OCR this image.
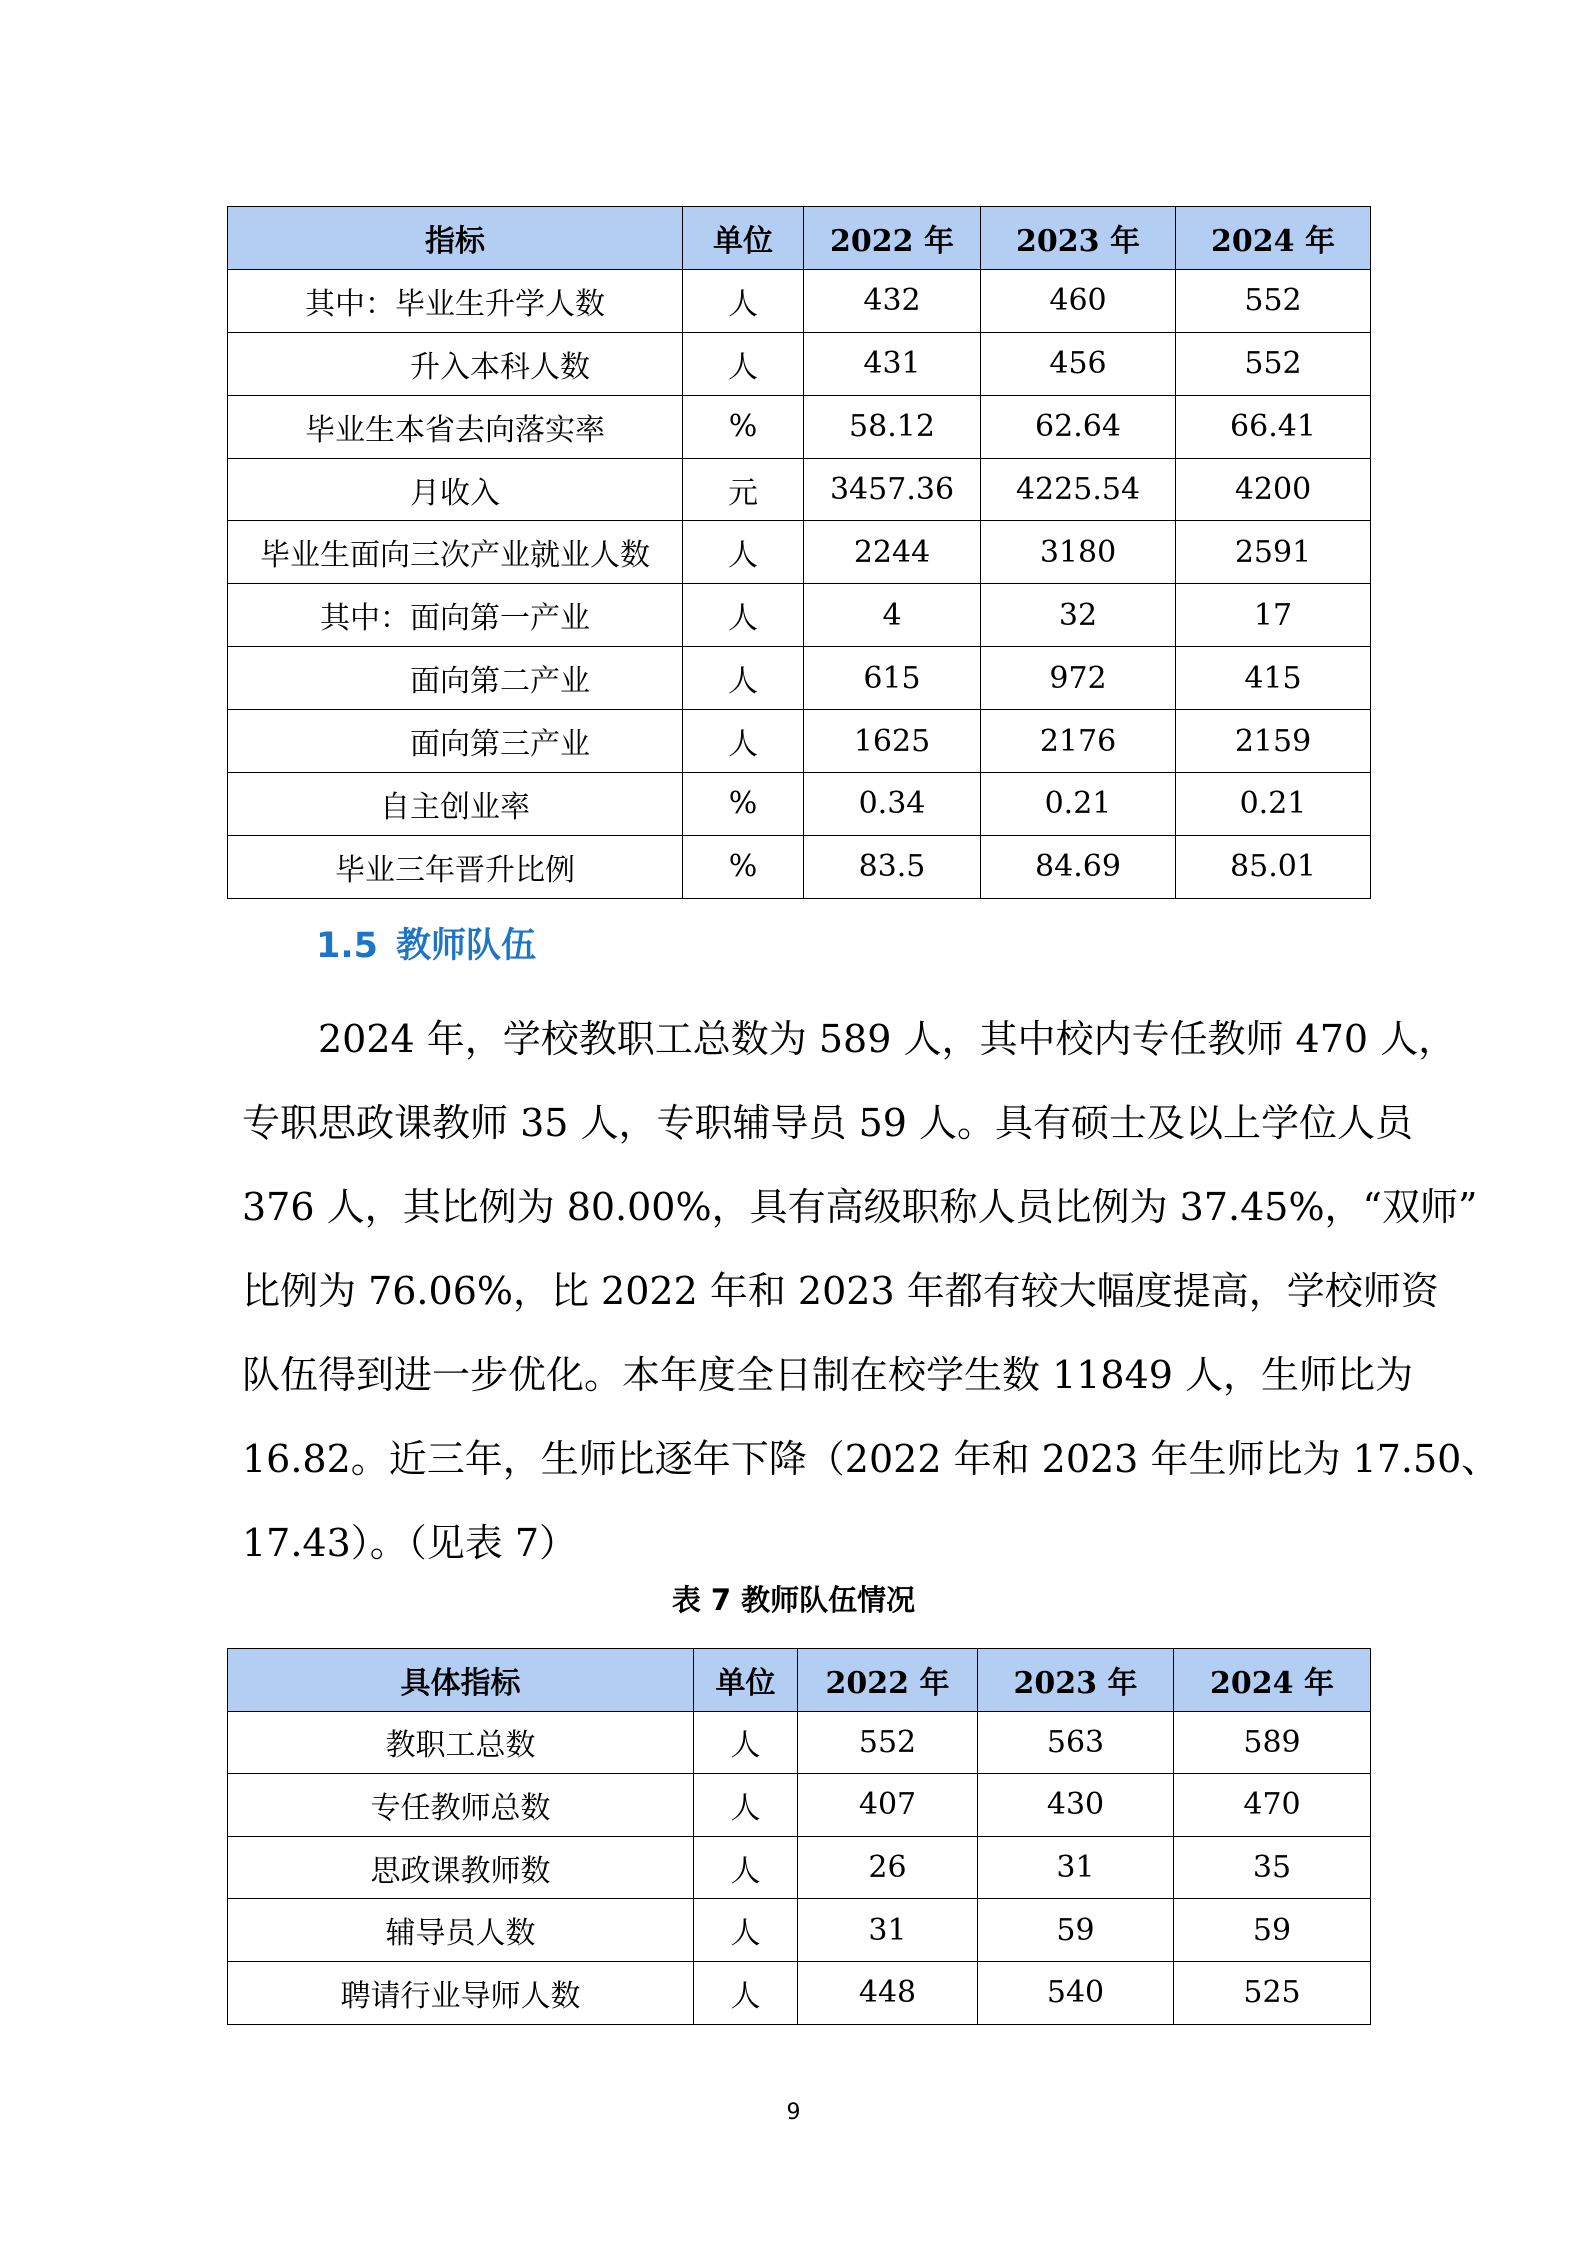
指标	单位	2022 年	2023 年	2024 年
其中：毕业生升学人数	人	432	460	552
升入本科人数	人	431	456	552
毕业生本省去向落实率	%	58.12	62.64	66.41
月收入	元	3457.36	4225.54	4200
毕业生面向三次产业就业人数	人	2244	3180	2591
其中：面向第一产业	人	4	32	17
面向第二产业	人	615	972	415
面向第三产业	人	1625	2176	2159
自主创业率	%	0.34	0.21	0.21
毕业三年晋升比例	%	83.5	84.69	85.01
1.5 教师队伍
2024 年，学校教职工总数为 589 人，其中校内专任教师 470 人，
专职思政课教师 35 人，专职辅导员 59 人。具有硕士及以上学位人员
376 人，其比例为 80.00%，具有高级职称人员比例为 37.45%，“双师”
比例为 76.06%，比 2022 年和 2023 年都有较大幅度提高，学校师资
队伍得到进一步优化。本年度全日制在校学生数 11849 人，生师比为
16.82。近三年，生师比逐年下降（2022 年和 2023 年生师比为 17.50、
17.43）。（见表 7）
表 7 教师队伍情况
具体指标	单位	2022 年	2023 年	2024 年
教职工总数	人	552	563	589
专任教师总数	人	407	430	470
思政课教师数	人	26	31	35
辅导员人数	人	31	59	59
聘请行业导师人数	人	448	540	525
9
